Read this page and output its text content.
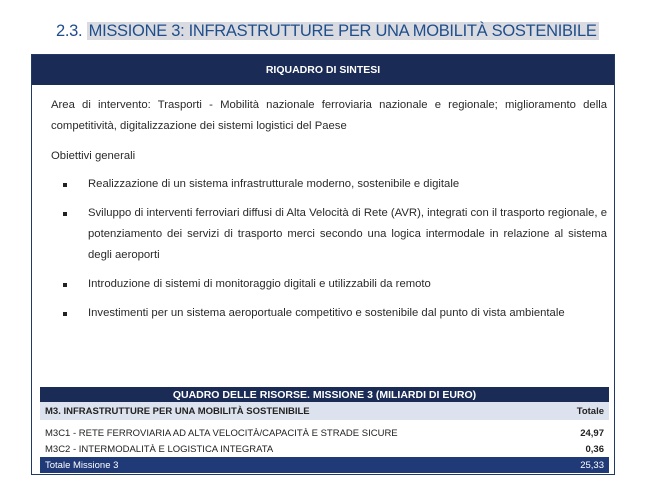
2.3. MISSIONE 3: INFRASTRUTTURE PER UNA MOBILITÀ SOSTENIBILE
RIQUADRO DI SINTESI

Area di intervento: Trasporti - Mobilità nazionale ferroviaria nazionale e regionale; miglioramento della competitività, digitalizzazione dei sistemi logistici del Paese

Obiettivi generali

Realizzazione di un sistema infrastrutturale moderno, sostenibile e digitale
Sviluppo di interventi ferroviari diffusi di Alta Velocità di Rete (AVR), integrati con il trasporto regionale, e potenziamento dei servizi di trasporto merci secondo una logica intermodale in relazione al sistema degli aeroporti
Introduzione di sistemi di monitoraggio digitali e utilizzabili da remoto
Investimenti per un sistema aeroportuale competitivo e sostenibile dal punto di vista ambientale
QUADRO DELLE RISORSE. MISSIONE 3 (MILIARDI DI EURO)	
M3. INFRASTRUTTURE PER UNA MOBILITÀ SOSTENIBILE	Totale

M3C1 - RETE FERROVIARIA AD ALTA VELOCITÀ/CAPACITÀ E STRADE SICURE	24,97
M3C2 - INTERMODALITÀ E LOGISTICA INTEGRATA	0,36
Totale Missione 3	25,33
